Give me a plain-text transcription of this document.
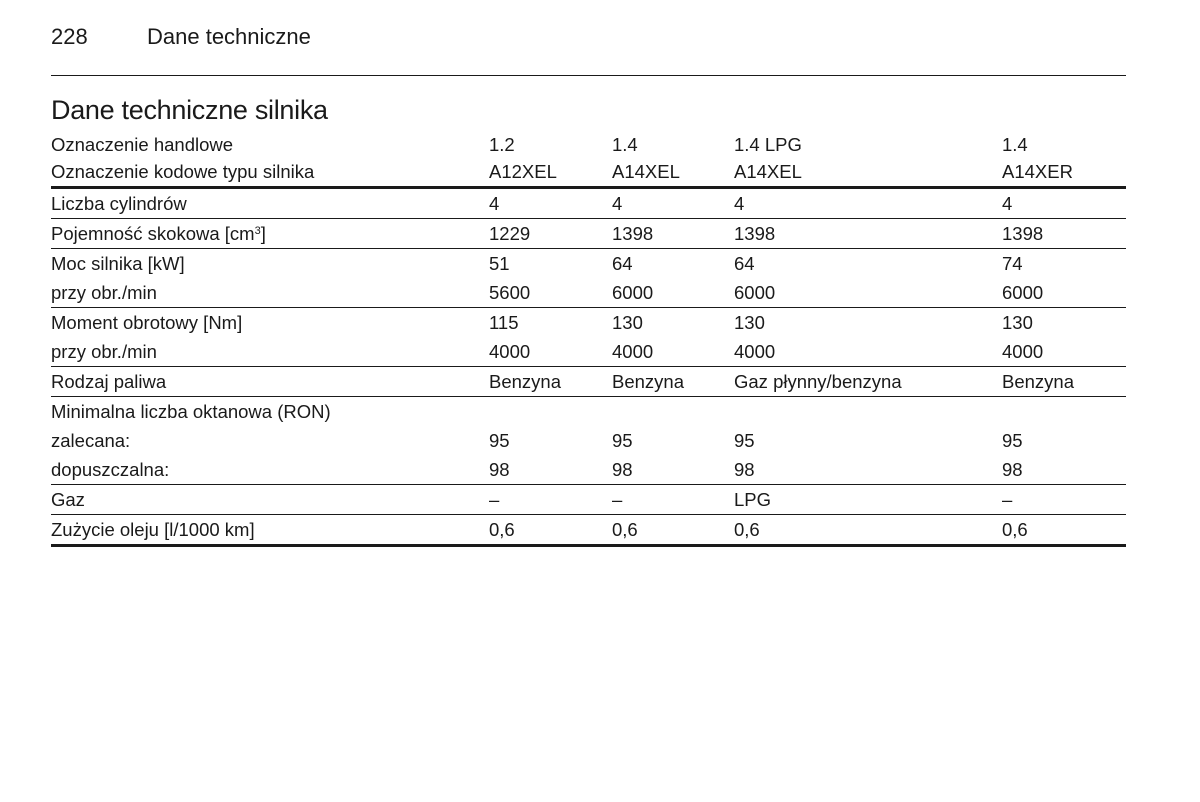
228	Dane techniczne
Dane techniczne silnika
Oznaczenie handlowe	1.2	1.4	1.4 LPG	1.4
Oznaczenie kodowe typu silnika	A12XEL	A14XEL	A14XEL	A14XER
Liczba cylindrów	4	4	4	4
Pojemność skokowa $[cm^3]$	1229	1398	1398	1398
Moc silnika [kW]	51	64	64	74
przy obr./min	5600	6000	6000	6000
Moment obrotowy [Nm]	115	130	130	130
przy obr./min	4000	4000	4000	4000
Rodzaj paliwa	Benzyna	Benzyna	Gaz płynny/benzyna	Benzyna
Minimalna liczba oktanowa (RON)				
zalecana:	95	95	95	95
dopuszczalna:	98	98	98	98
Gaz	–	–	LPG	–
Zużycie oleju [l/1000 km]	0,6	0,6	0,6	0,6
